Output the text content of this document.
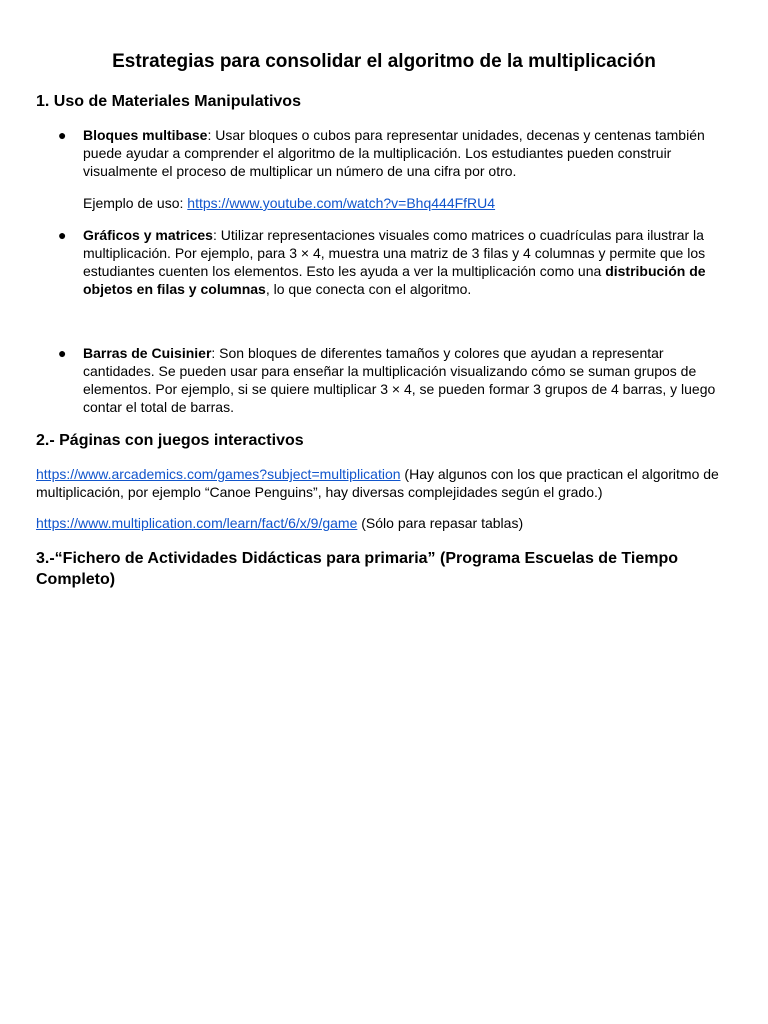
Estrategias para consolidar el algoritmo de la multiplicación
1. Uso de Materiales Manipulativos
● Bloques multibase: Usar bloques o cubos para representar unidades, decenas y centenas también puede ayudar a comprender el algoritmo de la multiplicación. Los estudiantes pueden construir visualmente el proceso de multiplicar un número de una cifra por otro.

Ejemplo de uso: https://www.youtube.com/watch?v=Bhq444FfRU4

● Gráficos y matrices: Utilizar representaciones visuales como matrices o cuadrículas para ilustrar la multiplicación. Por ejemplo, para 3 × 4, muestra una matriz de 3 filas y 4 columnas y permite que los estudiantes cuenten los elementos. Esto les ayuda a ver la multiplicación como una distribución de objetos en filas y columnas, lo que conecta con el algoritmo.

● Barras de Cuisinier: Son bloques de diferentes tamaños y colores que ayudan a representar cantidades. Se pueden usar para enseñar la multiplicación visualizando cómo se suman grupos de elementos. Por ejemplo, si se quiere multiplicar 3 × 4, se pueden formar 3 grupos de 4 barras, y luego contar el total de barras.

2.- Páginas con juegos interactivos

https://www.arcademics.com/games?subject=multiplication (Hay algunos con los que practican el algoritmo de multiplicación, por ejemplo “Canoe Penguins”, hay diversas complejidades según el grado.)

https://www.multiplication.com/learn/fact/6/x/9/game (Sólo para repasar tablas)

3.-“Fichero de Actividades Didácticas para primaria” (Programa Escuelas de Tiempo Completo)
